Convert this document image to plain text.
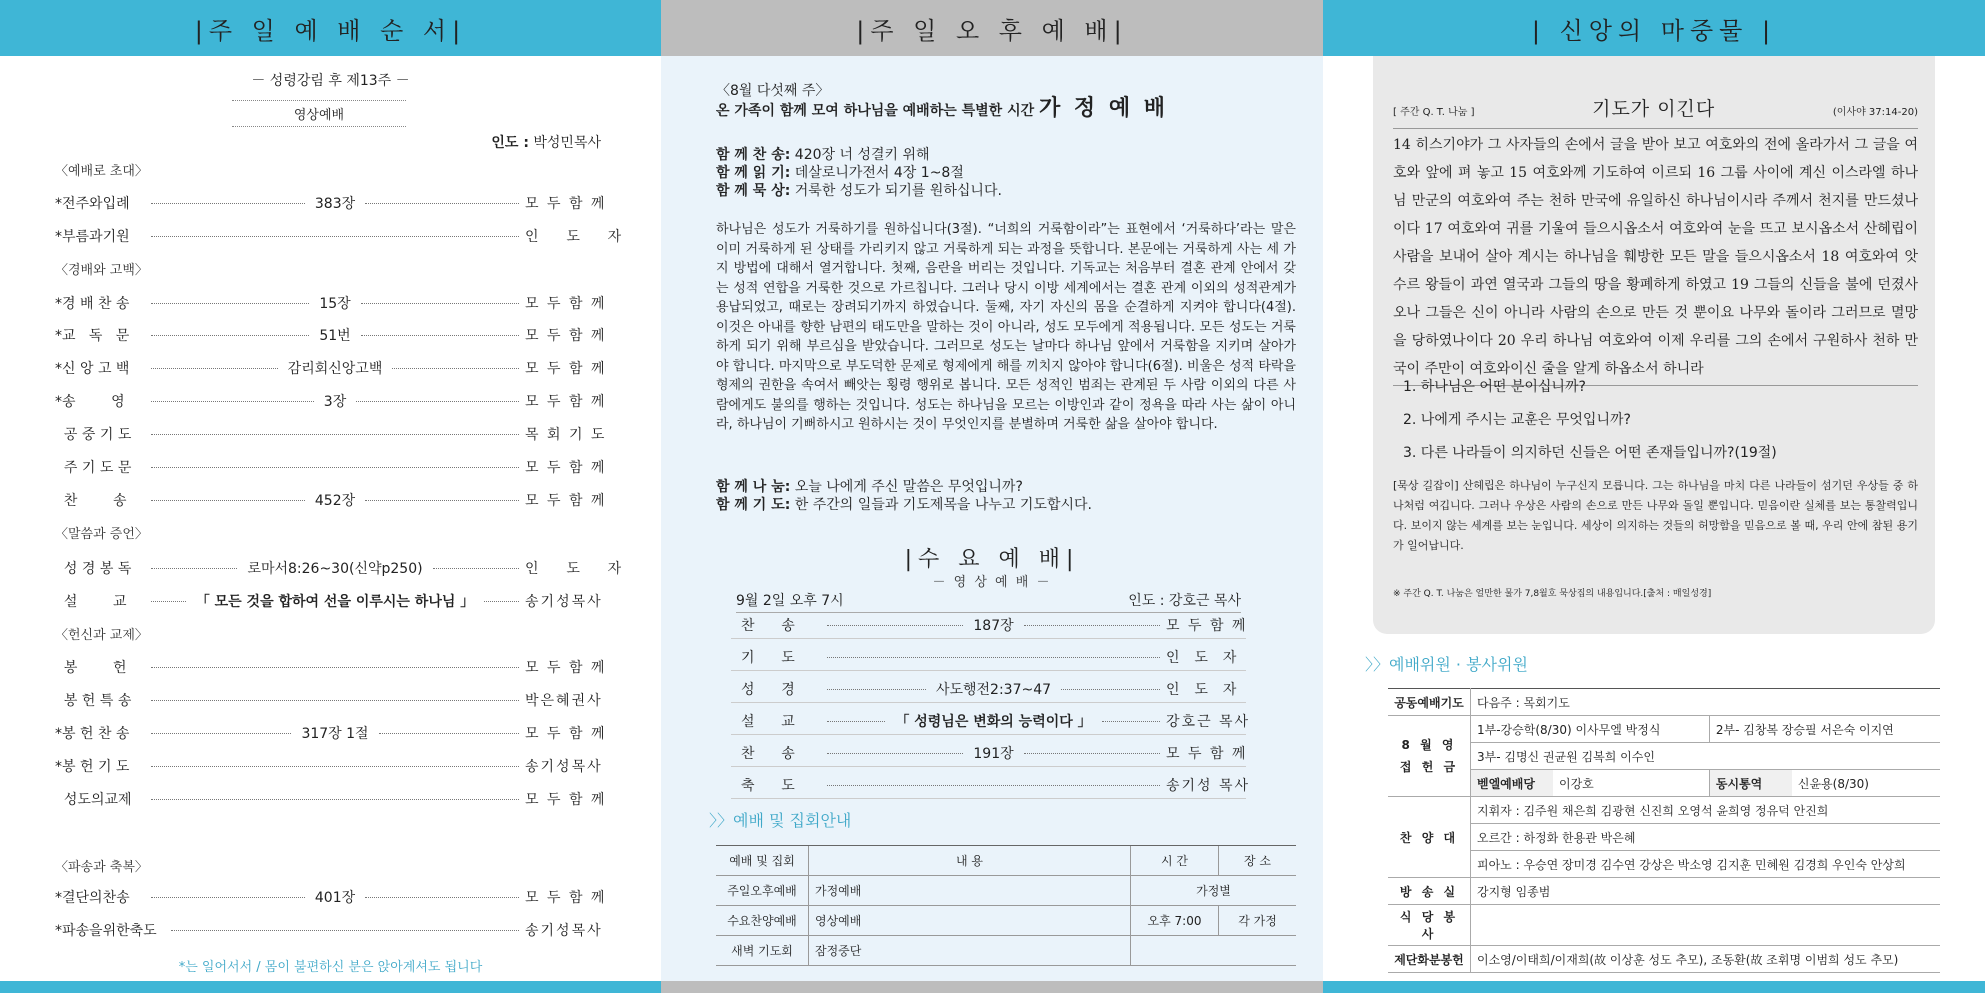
|주 일 예 배 순 서|
－ 성령강림 후 제13주 －
영상예배
인도 : 박성민목사
〈예배로 초대〉
*전주와입례	383장	모 두 함 께
*부름과기원	인    도    자
〈경배와 고백〉
*경 배 찬 송	15장	모 두 함 께
*교   독   문	51번	모 두 함 께
*신 앙 고 백	감리회신앙고백	모 두 함 께
*송        영	3장	모 두 함 께
공 중 기 도	목 회 기 도
주 기 도 문	모 두 함 께
찬        송	452장	모 두 함 께
〈말씀과 증언〉
성 경 봉 독	로마서8:26~30(신약p250)	인    도    자
설        교	「 모든 것을 합하여 선을 이루시는 하나님 」	송기성목사
〈헌신과 교제〉
봉        헌	모 두 함 께
봉 헌 특 송	박은혜권사
*봉 헌 찬 송	317장 1절	모 두 함 께
*봉 헌 기 도	송기성목사
성도의교제	모 두 함 께
〈파송과 축복〉
*결단의찬송	401장	모 두 함 께
*파송을위한축도	송기성목사
*는 일어서서 / 몸이 불편하신 분은 앉아계셔도 됩니다
|주 일 오 후 예 배|
〈8월 다섯째 주〉
온 가족이 함께 모여 하나님을 예배하는 특별한 시간 가 정 예 배
함 께 찬 송: 420장 너 성결키 위해
함 께 읽 기: 데살로니가전서 4장 1~8절
함 께 묵 상: 거룩한 성도가 되기를 원하십니다.
하나님은 성도가 거룩하기를 원하십니다(3절). “너희의 거룩함이라”는 표현에서 ‘거룩하다’라는 말은 이미 거룩하게 된 상태를 가리키지 않고 거룩하게 되는 과정을 뜻합니다. 본문에는 거룩하게 사는 세 가지 방법에 대해서 열거합니다. 첫째, 음란을 버리는 것입니다. 기독교는 처음부터 결혼 관계 안에서 갖는 성적 연합을 거룩한 것으로 가르칩니다. 그러나 당시 이방 세계에서는 결혼 관계 이외의 성적관계가 용납되었고, 때로는 장려되기까지 하였습니다. 둘째, 자기 자신의 몸을 순결하게 지켜야 합니다(4절). 이것은 아내를 향한 남편의 태도만을 말하는 것이 아니라, 성도 모두에게 적용됩니다. 모든 성도는 거룩하게 되기 위해 부르심을 받았습니다. 그러므로 성도는 날마다 하나님 앞에서 거룩함을 지키며 살아가야 합니다. 마지막으로 부도덕한 문제로 형제에게 해를 끼치지 않아야 합니다(6절). 비울은 성적 타락을 형제의 권한을 속여서 빼앗는 횡령 행위로 봅니다. 모든 성적인 범죄는 관계된 두 사람 이외의 다른 사람에게도 불의를 행하는 것입니다. 성도는 하나님을 모르는 이방인과 같이 정욕을 따라 사는 삶이 아니라, 하나님이 기뻐하시고 원하시는 것이 무엇인지를 분별하며 거룩한 삶을 살아야 합니다.
함 께 나 눔: 오늘 나에게 주신 말씀은 무엇입니까?
함 께 기 도: 한 주간의 일들과 기도제목을 나누고 기도합시다.
|수 요 예 배|
－ 영 상 예 배 －
9월 2일 오후 7시	인도 : 강호근 목사
찬      송	187장	모 두 함 께
기      도	인  도  자
성      경	사도행전2:37~47	인  도  자
설      교	「 성령님은 변화의 능력이다 」	강호근 목사
찬      송	191장	모 두 함 께
축      도	송기성 목사
〉〉예배 및 집회안내
예배 및 집회	내 용	시 간	장 소
주일오후예배	가정예배	가정별	
수요찬양예배	영상예배	오후 7:00	각 가정
새벽 기도회	잠정중단		
| 신앙의 마중물 |
[ 주간 Q. T. 나눔 ]	기도가 이긴다	(이사야 37:14-20)
14 히스기야가 그 사자들의 손에서 글을 받아 보고 여호와의 전에 올라가서 그 글을 여호와 앞에 펴 놓고 15 여호와께 기도하여 이르되 16 그룹 사이에 계신 이스라엘 하나님 만군의 여호와여 주는 천하 만국에 유일하신 하나님이시라 주께서 천지를 만드셨나이다 17 여호와여 귀를 기울여 들으시옵소서 여호와여 눈을 뜨고 보시옵소서 산헤립이 사람을 보내어 살아 계시는 하나님을 훼방한 모든 말을 들으시옵소서 18 여호와여 앗수르 왕들이 과연 열국과 그들의 땅을 황폐하게 하였고 19 그들의 신들을 불에 던졌사오나 그들은 신이 아니라 사람의 손으로 만든 것 뿐이요 나무와 돌이라 그러므로 멸망을 당하였나이다 20 우리 하나님 여호와여 이제 우리를 그의 손에서 구원하사 천하 만국이 주만이 여호와이신 줄을 알게 하옵소서 하니라
1. 하나님은 어떤 분이십니까?
2. 나에게 주시는 교훈은 무엇입니까?
3. 다른 나라들이 의지하던 신들은 어떤 존재들입니까?(19절)
[묵상 길잡이] 산헤립은 하나님이 누구신지 모릅니다. 그는 하나님을 마치 다른 나라들이 섬기던 우상들 중 하나처럼 여깁니다. 그러나 우상은 사람의 손으로 만든 나무와 돌일 뿐입니다. 믿음이란 실체를 보는 통찰력입니다. 보이지 않는 세계를 보는 눈입니다. 세상이 의지하는 것들의 허망함을 믿음으로 볼 때, 우리 안에 참된 용기가 일어납니다.
※ 주간 Q. T. 나눔은 얼만한 물가 7,8월호 묵상집의 내용입니다.[출처 : 매일성경]
〉〉예배위원 · 봉사위원
공동예배기도	다음주 : 목회기도			
8 월 영 접 헌 금	1부-강승학(8/30) 이사무엘 박정식		2부- 김창복 장승필 서은숙 이지연	
	3부- 김명신 권균원 김복희 이수인			
	벧엘예배당	이강호	동시통역	신윤용(8/30)
찬 양 대	지휘자 : 김주원 채은희 김광현 신진희 오영석 윤희영 정유덕 안진희			
	오르간 : 하정화 한용관 박은혜			
	피아노 : 우승연 장미경 김수연 강상은 박소영 김지훈 민혜원 김경희 우인숙 안상희			
방 송 실	강지형 임종범			
식 당 봉 사				
제단화분봉헌	이소영/이태희/이재희(故 이상훈 성도 추모), 조동환(故 조휘명 이범희 성도 추모)			
